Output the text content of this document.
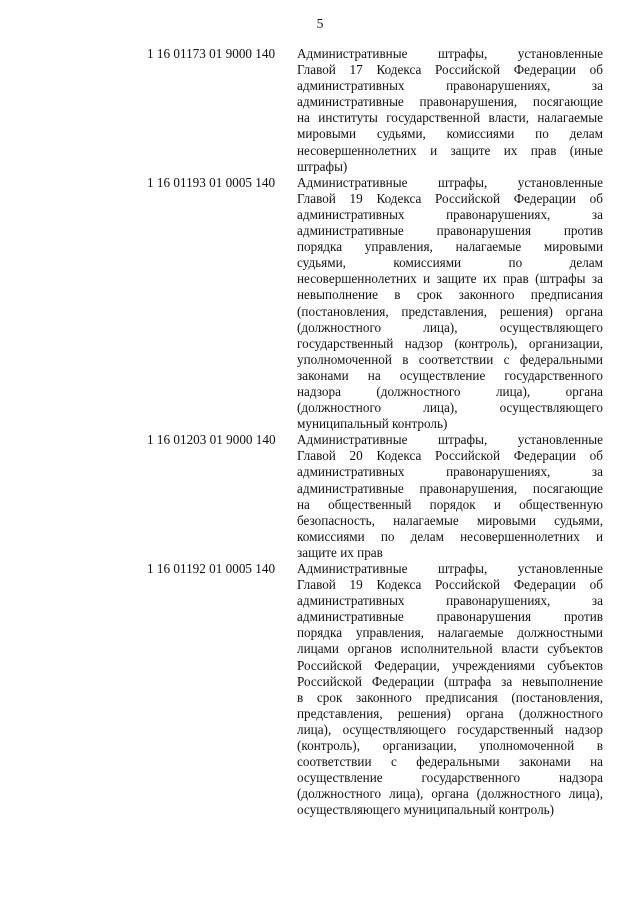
5
1 16 01173 01 9000 140	Административные штрафы, установленные
Главой 17 Кодекса Российской Федерации об
административных правонарушениях, за
административные правонарушения, посягающие
на институты государственной власти, налагаемые
мировыми судьями, комиссиями по делам
несовершеннолетних и защите их прав (иные
штрафы)
1 16 01193 01 0005 140	Административные штрафы, установленные
Главой 19 Кодекса Российской Федерации об
административных правонарушениях, за
административные правонарушения против
порядка управления, налагаемые мировыми
судьями, комиссиями по делам
несовершеннолетних и защите их прав (штрафы за
невыполнение в срок законного предписания
(постановления, представления, решения) органа
(должностного лица), осуществляющего
государственный надзор (контроль), организации,
уполномоченной в соответствии с федеральными
законами на осуществление государственного
надзора (должностного лица), органа
(должностного лица), осуществляющего
муниципальный контроль)
1 16 01203 01 9000 140	Административные штрафы, установленные
Главой 20 Кодекса Российской Федерации об
административных правонарушениях, за
административные правонарушения, посягающие
на общественный порядок и общественную
безопасность, налагаемые мировыми судьями,
комиссиями по делам несовершеннолетних и
защите их прав
1 16 01192 01 0005 140	Административные штрафы, установленные
Главой 19 Кодекса Российской Федерации об
административных правонарушениях, за
административные правонарушения против
порядка управления, налагаемые должностными
лицами органов исполнительной власти субъектов
Российской Федерации, учреждениями субъектов
Российской Федерации (штрафа за невыполнение
в срок законного предписания (постановления,
представления, решения) органа (должностного
лица), осуществляющего государственный надзор
(контроль), организации, уполномоченной в
соответствии с федеральными законами на
осуществление государственного надзора
(должностного лица), органа (должностного лица),
осуществляющего муниципальный контроль)
